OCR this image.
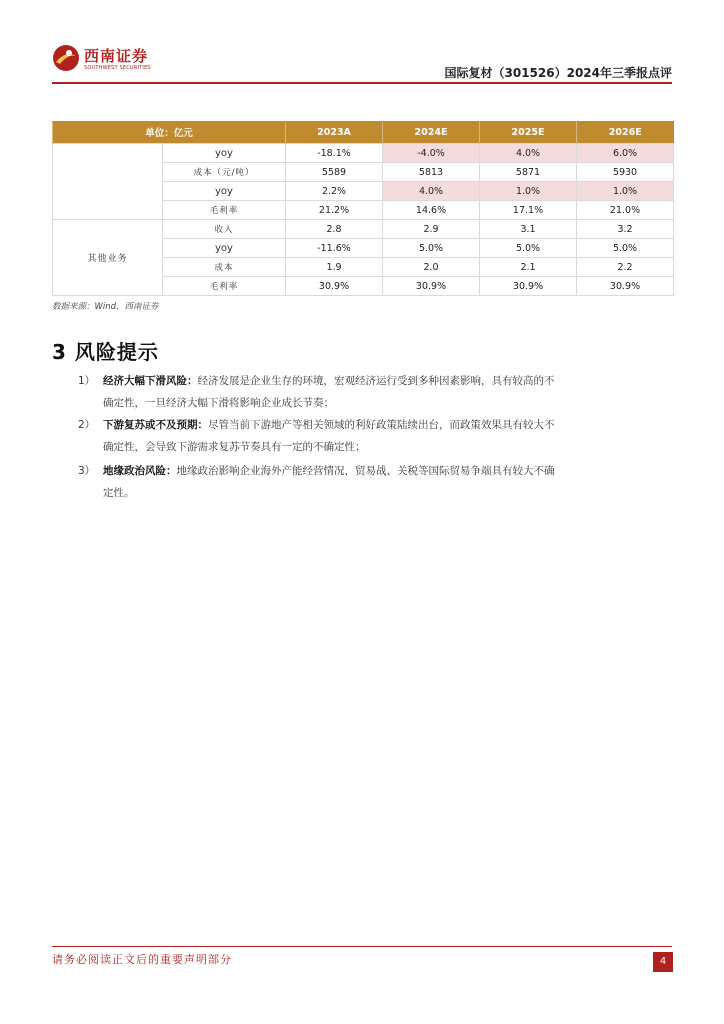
西南证券
SOUTHWEST SECURITIES	国际复材（301526）2024年三季报点评
单位：亿元		2023A	2024E	2025E	2026E
	yoy	-18.1%	-4.0%	4.0%	6.0%
	成本（元/吨）	5589	5813	5871	5930
	yoy	2.2%	4.0%	1.0%	1.0%
	毛利率	21.2%	14.6%	17.1%	21.0%
其他业务	收入	2.8	2.9	3.1	3.2
	yoy	-11.6%	5.0%	5.0%	5.0%
	成本	1.9	2.0	2.1	2.2
	毛利率	30.9%	30.9%	30.9%	30.9%
数据来源：Wind，西南证券
3 风险提示
1） 经济大幅下滑风险：经济发展是企业生存的环境，宏观经济运行受到多种因素影响，具有较高的不确定性，一旦经济大幅下滑将影响企业成长节奏；
2） 下游复苏或不及预期：尽管当前下游地产等相关领域的利好政策陆续出台，而政策效果具有较大不确定性，会导致下游需求复苏节奏具有一定的不确定性；
3） 地缘政治风险：地缘政治影响企业海外产能经营情况，贸易战、关税等国际贸易争端具有较大不确定性。
请务必阅读正文后的重要声明部分	4
